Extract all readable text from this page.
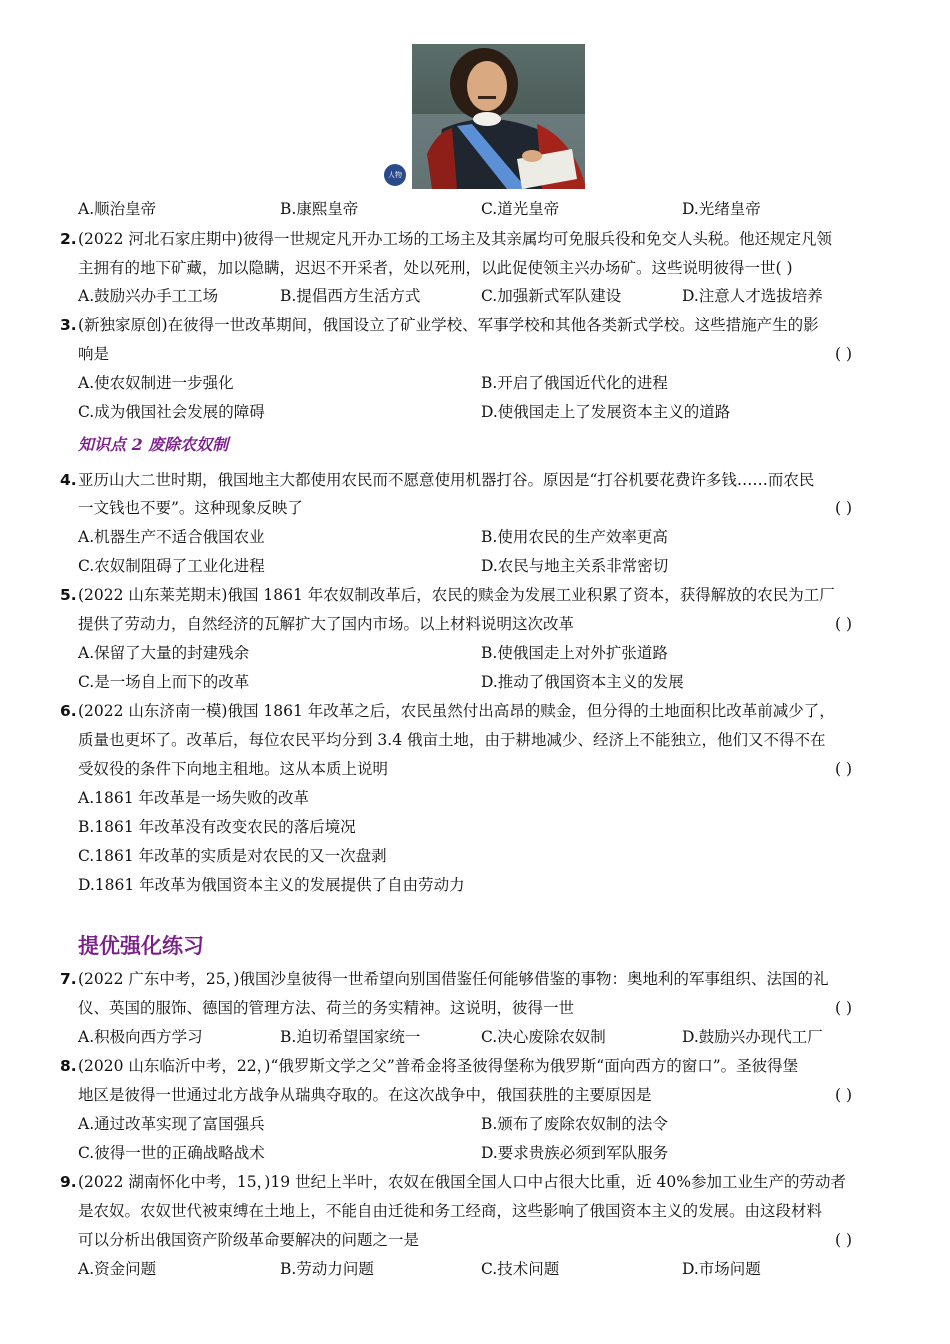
人物
A.顺治皇帝	B.康熙皇帝	C.道光皇帝	D.光绪皇帝
2. (2022 河北石家庄期中)彼得一世规定凡开办工场的工场主及其亲属均可免服兵役和免交人头税。他还规定凡领
主拥有的地下矿藏，加以隐瞒，迟迟不开采者，处以死刑，以此促使领主兴办场矿。这些说明彼得一世( )
A.鼓励兴办手工工场	B.提倡西方生活方式	C.加强新式军队建设	D.注意人才选拔培养
3. (新独家原创)在彼得一世改革期间，俄国设立了矿业学校、军事学校和其他各类新式学校。这些措施产生的影
响是	( )
A.使农奴制进一步强化	B.开启了俄国近代化的进程
C.成为俄国社会发展的障碍	D.使俄国走上了发展资本主义的道路
知识点 2 废除农奴制
4. 亚历山大二世时期，俄国地主大都使用农民而不愿意使用机器打谷。原因是“打谷机要花费许多钱……而农民
一文钱也不要”。这种现象反映了	( )
A.机器生产不适合俄国农业	B.使用农民的生产效率更高
C.农奴制阻碍了工业化进程	D.农民与地主关系非常密切
5. (2022 山东莱芜期末)俄国 1861 年农奴制改革后，农民的赎金为发展工业积累了资本，获得解放的农民为工厂
提供了劳动力，自然经济的瓦解扩大了国内市场。以上材料说明这次改革	( )
A.保留了大量的封建残余	B.使俄国走上对外扩张道路
C.是一场自上而下的改革	D.推动了俄国资本主义的发展
6. (2022 山东济南一模)俄国 1861 年改革之后，农民虽然付出高昂的赎金，但分得的土地面积比改革前减少了，
质量也更坏了。改革后，每位农民平均分到 3.4 俄亩土地，由于耕地减少、经济上不能独立，他们又不得不在
受奴役的条件下向地主租地。这从本质上说明	( )
A.1861 年改革是一场失败的改革
B.1861 年改革没有改变农民的落后境况
C.1861 年改革的实质是对农民的又一次盘剥
D.1861 年改革为俄国资本主义的发展提供了自由劳动力
提优强化练习
7. (2022 广东中考，25，)俄国沙皇彼得一世希望向别国借鉴任何能够借鉴的事物：奥地利的军事组织、法国的礼
仪、英国的服饰、德国的管理方法、荷兰的务实精神。这说明，彼得一世	( )
A.积极向西方学习	B.迫切希望国家统一	C.决心废除农奴制	D.鼓励兴办现代工厂
8. (2020 山东临沂中考，22，)“俄罗斯文学之父”普希金将圣彼得堡称为俄罗斯“面向西方的窗口”。圣彼得堡
地区是彼得一世通过北方战争从瑞典夺取的。在这次战争中，俄国获胜的主要原因是	( )
A.通过改革实现了富国强兵	B.颁布了废除农奴制的法令
C.彼得一世的正确战略战术	D.要求贵族必须到军队服务
9. (2022 湖南怀化中考，15，)19 世纪上半叶，农奴在俄国全国人口中占很大比重，近 40%参加工业生产的劳动者
是农奴。农奴世代被束缚在土地上，不能自由迁徙和务工经商，这些影响了俄国资本主义的发展。由这段材料
可以分析出俄国资产阶级革命要解决的问题之一是	( )
A.资金问题	B.劳动力问题	C.技术问题	D.市场问题
